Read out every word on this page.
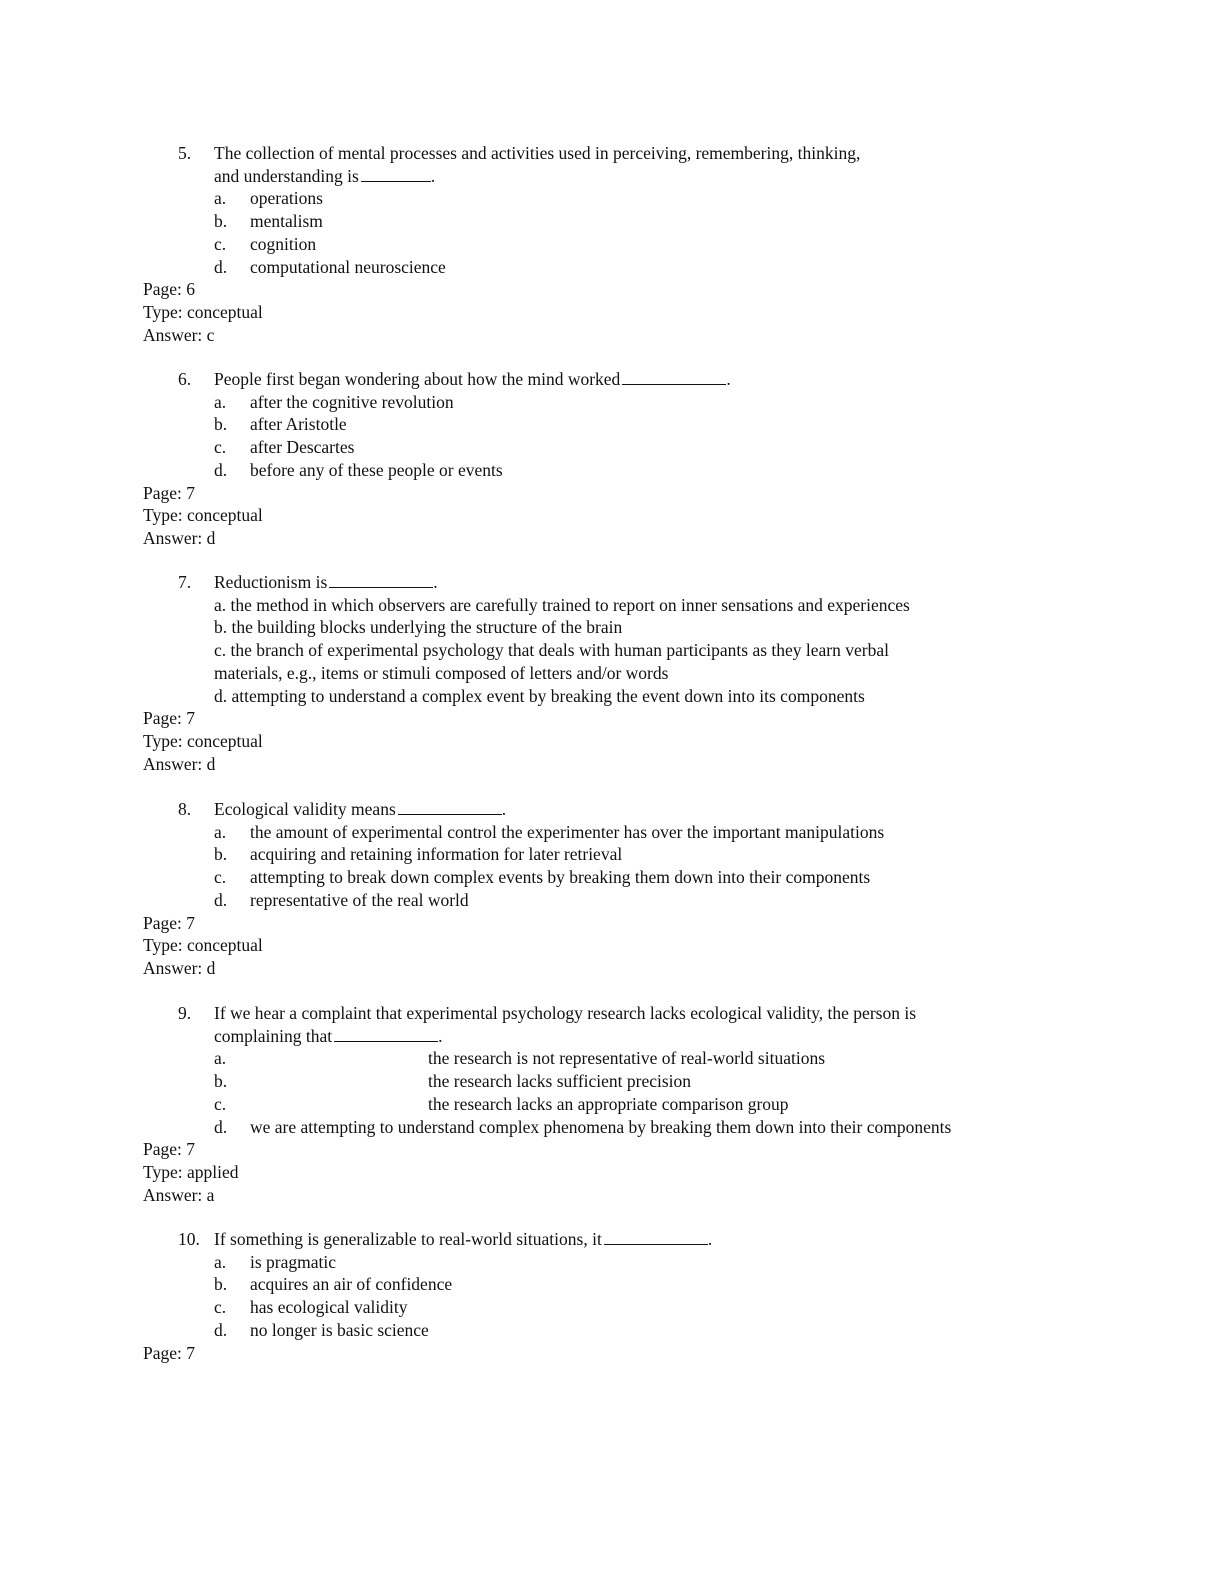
5. The collection of mental processes and activities used in perceiving, remembering, thinking,
and understanding is	.
a. operations
b. mentalism
c. cognition
d. computational neuroscience
Page: 6
Type: conceptual
Answer: c
6. People first began wondering about how the mind worked	.
a. after the cognitive revolution
b. after Aristotle
c. after Descartes
d. before any of these people or events
Page: 7
Type: conceptual
Answer: d
7. Reductionism is	.
a. the method in which observers are carefully trained to report on inner sensations and experiences
b. the building blocks underlying the structure of the brain
c. the branch of experimental psychology that deals with human participants as they learn verbal
materials, e.g., items or stimuli composed of letters and/or words
d. attempting to understand a complex event by breaking the event down into its components
Page: 7
Type: conceptual
Answer: d
8. Ecological validity means	.
a. the amount of experimental control the experimenter has over the important manipulations
b. acquiring and retaining information for later retrieval
c. attempting to break down complex events by breaking them down into their components
d. representative of the real world
Page: 7
Type: conceptual
Answer: d
9. If we hear a complaint that experimental psychology research lacks ecological validity, the person is
complaining that	.
a.	the research is not representative of real-world situations

b.	the research lacks sufficient precision

c.	the research lacks an appropriate comparison group

d. we are attempting to understand complex phenomena by breaking them down into their components
Page: 7
Type: applied
Answer: a
10. If something is generalizable to real-world situations, it	.
a. is pragmatic
b. acquires an air of confidence
c. has ecological validity
d. no longer is basic science
Page: 7
